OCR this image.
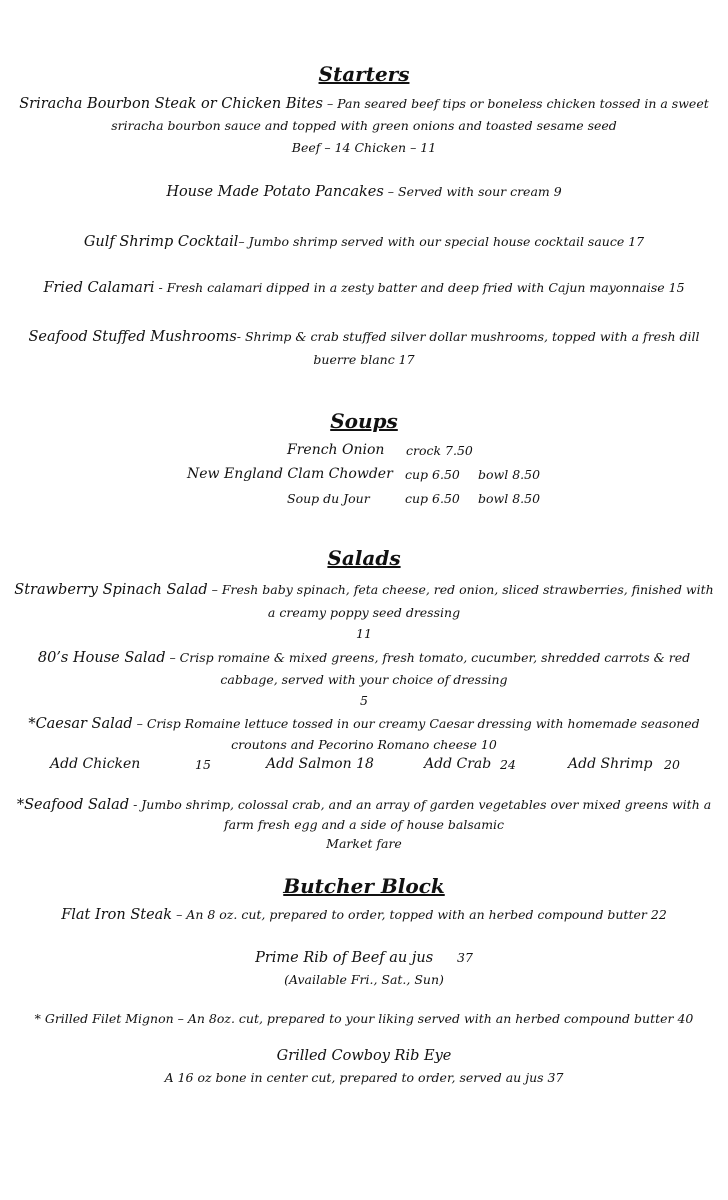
Starters
Sriracha Bourbon Steak or Chicken Bites – Pan seared beef tips or boneless chicken tossed in a sweet
sriracha bourbon sauce and topped with green onions and toasted sesame seed
Beef – 14 Chicken – 11
House Made Potato Pancakes – Served with sour cream 9
Gulf Shrimp Cocktail– Jumbo shrimp served with our special house cocktail sauce 17
Fried Calamari - Fresh calamari dipped in a zesty batter and deep fried with Cajun mayonnaise 15
Seafood Stuffed Mushrooms- Shrimp & crab stuffed silver dollar mushrooms, topped with a fresh dill
buerre blanc 17
Soups
French Onion crock 7.50
New England Clam Chowder cup 6.50 bowl 8.50
Soup du Jour	cup 6.50 bowl 8.50
Salads
Strawberry Spinach Salad – Fresh baby spinach, feta cheese, red onion, sliced strawberries, finished with
a creamy poppy seed dressing
11
80’s House Salad – Crisp romaine & mixed greens, fresh tomato, cucumber, shredded carrots & red
cabbage, served with your choice of dressing
5
*Caesar Salad – Crisp Romaine lettuce tossed in our creamy Caesar dressing with homemade seasoned
croutons and Pecorino Romano cheese 10
Add Chicken	15	Add Salmon 18	Add Crab 24	Add Shrimp 20
*Seafood Salad - Jumbo shrimp, colossal crab, and an array of garden vegetables over mixed greens with a
farm fresh egg and a side of house balsamic
Market fare
Butcher Block
Flat Iron Steak – An 8 oz. cut, prepared to order, topped with an herbed compound butter 22
Prime Rib of Beef au jus 37
(Available Fri., Sat., Sun)
* Grilled Filet Mignon – An 8oz. cut, prepared to your liking served with an herbed compound butter 40
Grilled Cowboy Rib Eye
A 16 oz bone in center cut, prepared to order, served au jus 37
